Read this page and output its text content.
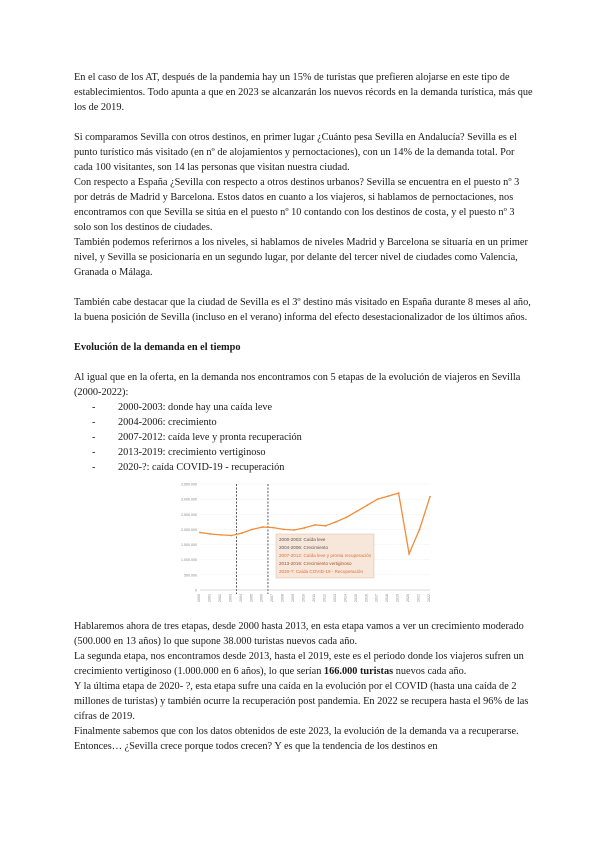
En el caso de los AT, después de la pandemia hay un 15% de turistas que prefieren alojarse en este tipo de establecimientos. Todo apunta a que en 2023 se alcanzarán los nuevos récords en la demanda turística, más que los de 2019.

Si comparamos Sevilla con otros destinos, en primer lugar ¿Cuánto pesa Sevilla en Andalucía? Sevilla es el punto turístico más visitado (en nº de alojamientos y pernoctaciones), con un 14% de la demanda total. Por cada 100 visitantes, son 14 las personas que visitan nuestra ciudad.

Con respecto a España ¿Sevilla con respecto a otros destinos urbanos? Sevilla se encuentra en el puesto nº 3 por detrás de Madrid y Barcelona. Estos datos en cuanto a los viajeros, si hablamos de pernoctaciones, nos encontramos con que Sevilla se sitúa en el puesto nº 10 contando con los destinos de costa, y el puesto nº 3 solo son los destinos de ciudades.

También podemos referirnos a los niveles, si hablamos de niveles Madrid y Barcelona se situaría en un primer nivel, y Sevilla se posicionaría en un segundo lugar, por delante del tercer nivel de ciudades como Valencia, Granada o Málaga.

También cabe destacar que la ciudad de Sevilla es el 3º destino más visitado en España durante 8 meses al año, la buena posición de Sevilla (incluso en el verano) informa del efecto desestacionalizador de los últimos años.

Evolución de la demanda en el tiempo

Al igual que en la oferta, en la demanda nos encontramos con 5 etapas de la evolución de viajeros en Sevilla (2000-2022):

- 2000-2003: donde hay una caída leve
- 2004-2006: crecimiento
- 2007-2012: caída leve y pronta recuperación
- 2013-2019: crecimiento vertiginoso
- 2020-?: caída COVID-19 - recuperación
3.500.000
3.000.000
2.500.000
2.000.000
1.500.000
1.000.000
500.000
0
2000 2001 2002 2003 2004 2005 2006 2007 2008 2009 2010 2011 2012 2013 2014 2015 2016 2017 2018 2019 2020 2021 2022
2000-2003: Caída leve
2004-2006: Crecimiento
2007-2012: Caída leve y pronta recuperación
2013-2019: Crecimiento vertiginoso
2020-?: Caída COVID-19 - Recuperación

Hablaremos ahora de tres etapas, desde 2000 hasta 2013, en esta etapa vamos a ver un crecimiento moderado (500.000 en 13 años) lo que supone 38.000 turistas nuevos cada año.

La segunda etapa, nos encontramos desde 2013, hasta el 2019, este es el periodo donde los viajeros sufren un crecimiento vertiginoso (1.000.000 en 6 años), lo que serían 166.000 turistas nuevos cada año.

Y la última etapa de 2020- ?, esta etapa sufre una caída en la evolución por el COVID (hasta una caída de 2 millones de turistas) y también ocurre la recuperación post pandemia. En 2022 se recupera hasta el 96% de las cifras de 2019.

Finalmente sabemos que con los datos obtenidos de este 2023, la evolución de la demanda va a recuperarse. Entonces… ¿Sevilla crece porque todos crecen? Y es que la tendencia de los destinos en
